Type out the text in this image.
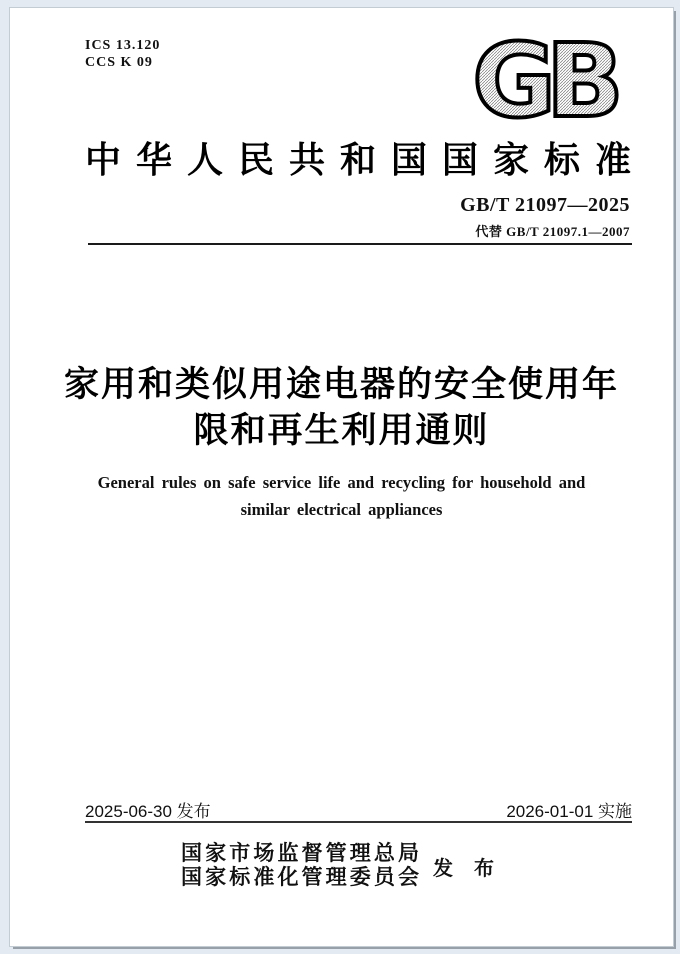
ICS 13.120
CCS K 09	GB
中华人民共和国国家标准
GB/T 21097—2025
代替 GB/T 21097.1—2007
家用和类似用途电器的安全使用年
限和再生利用通则
General rules on safe service life and recycling for household and
similar electrical appliances
2025-06-30 发布	2026-01-01 实施
国家市场监督管理总局
国家标准化管理委员会 发 布
